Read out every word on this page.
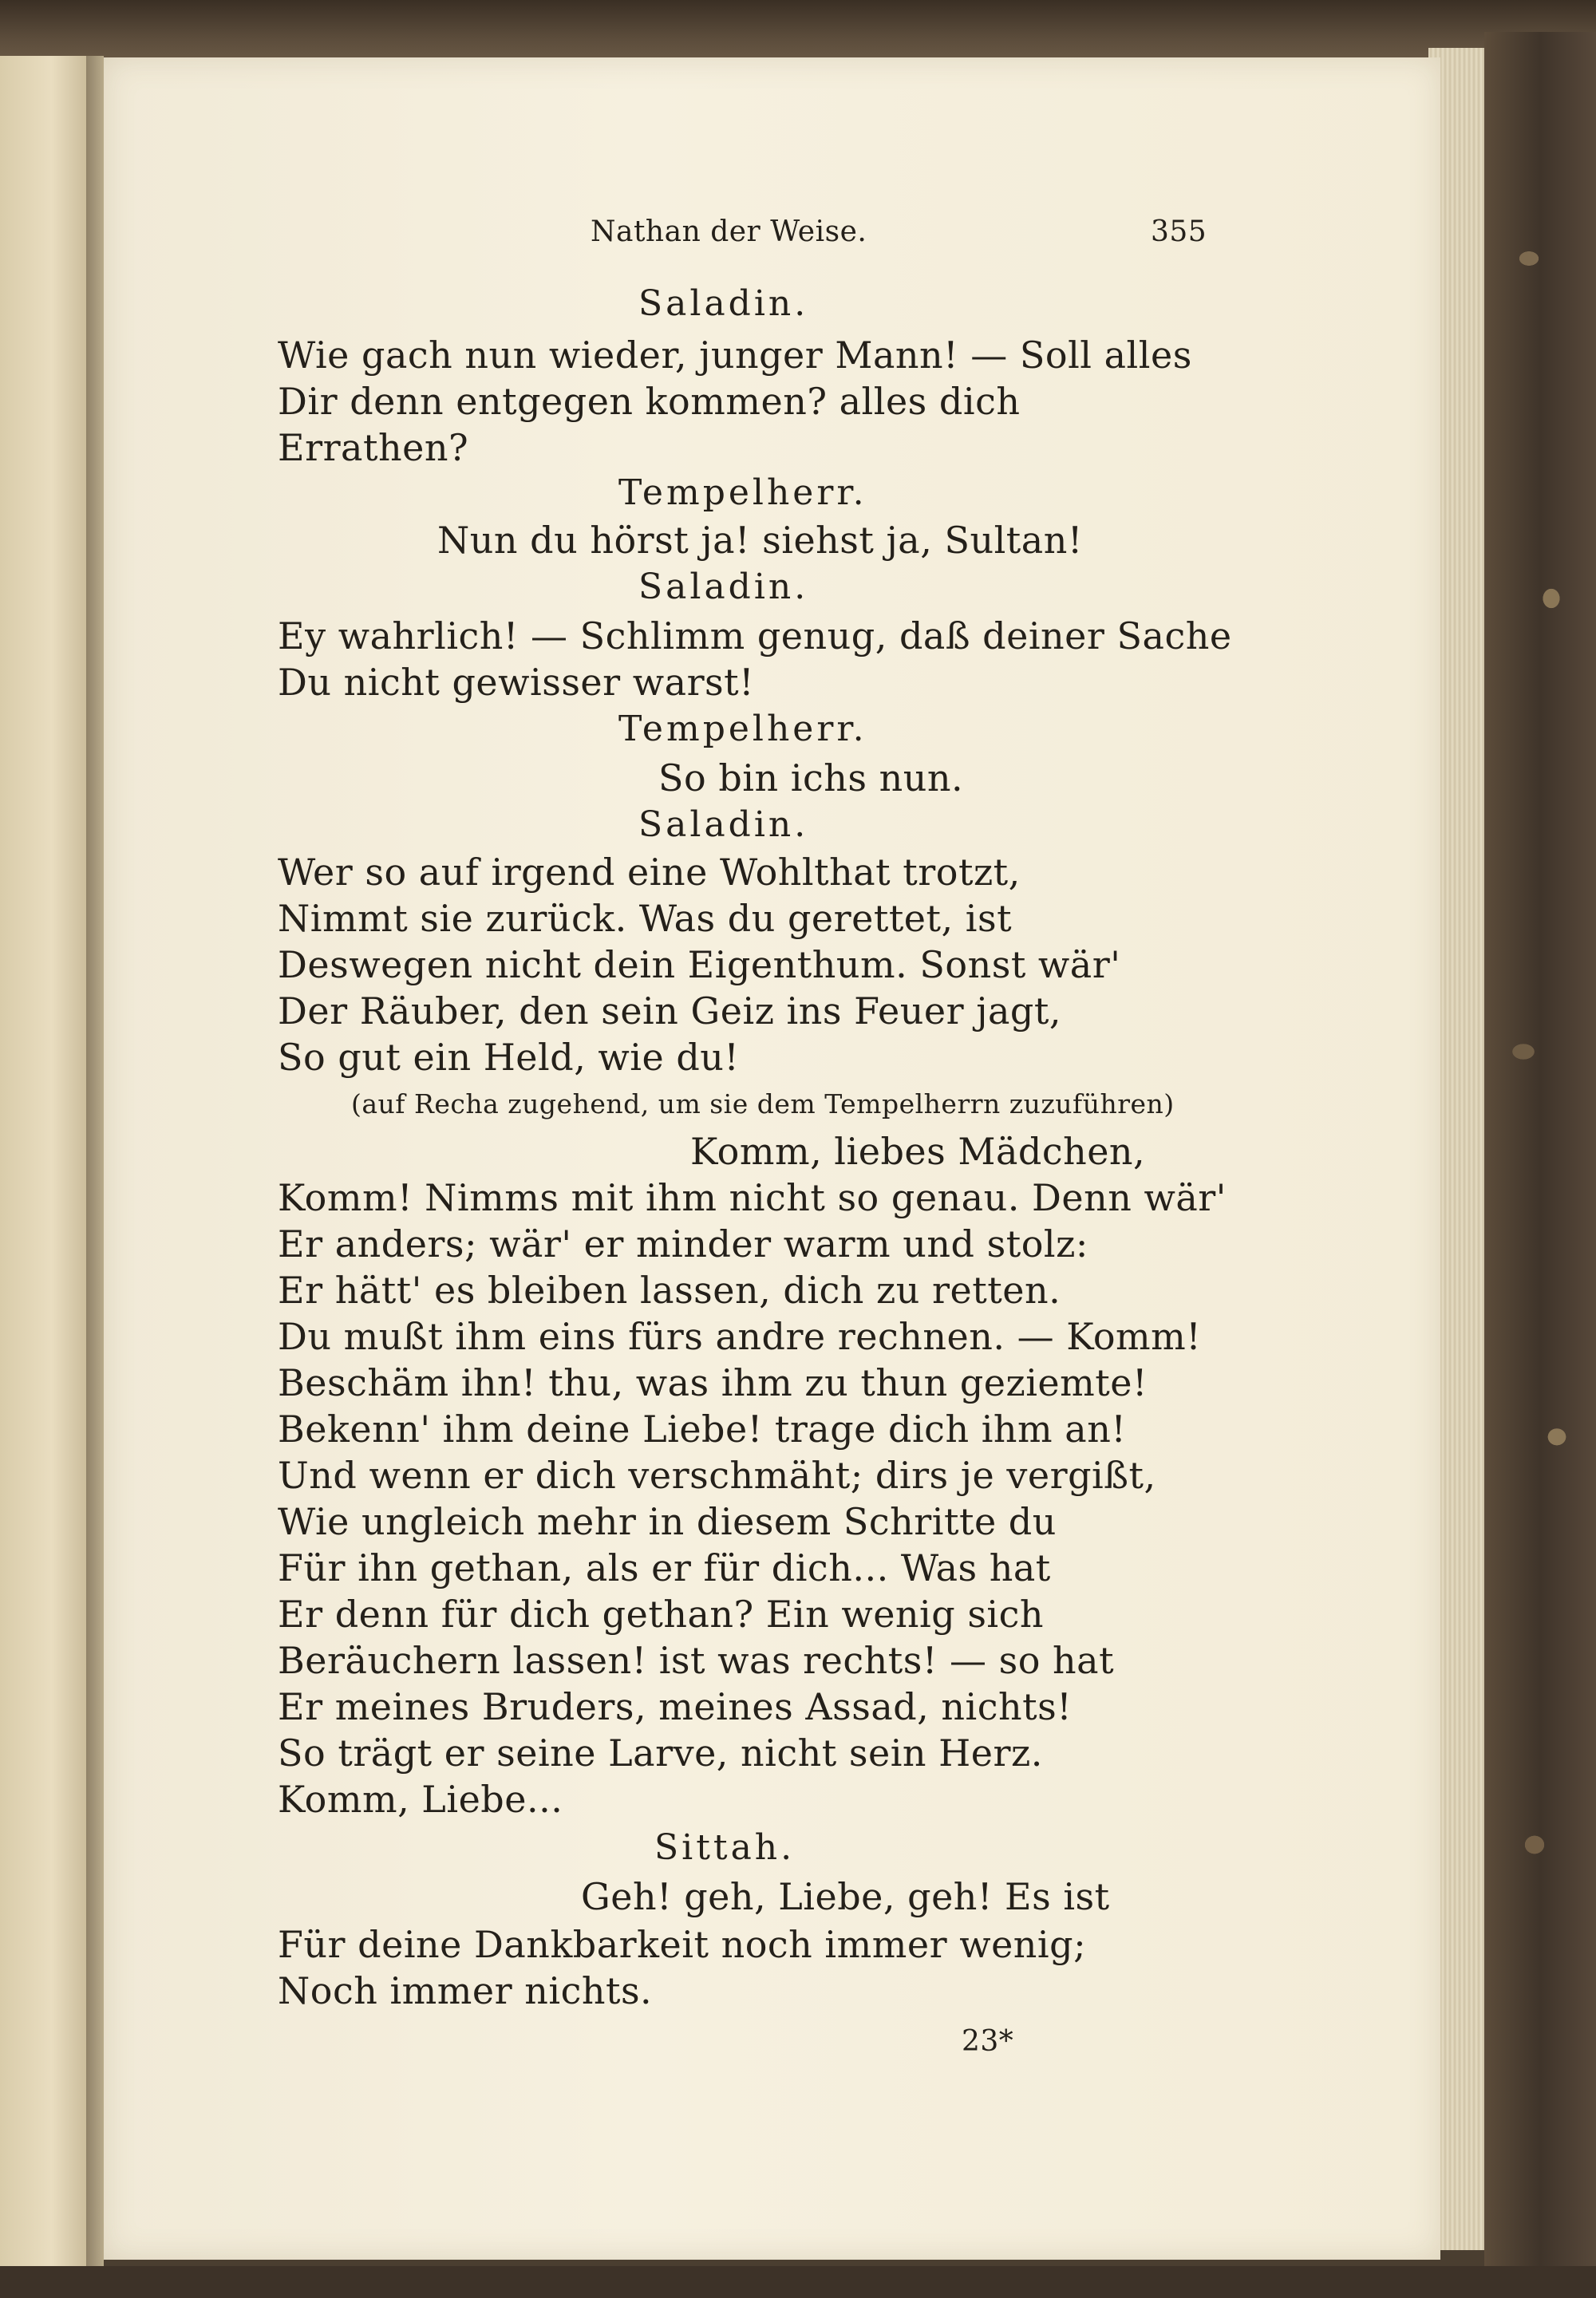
Nathan der Weise.	355
Saladin.
Wie gach nun wieder, junger Mann! — Soll alles
Dir denn entgegen kommen? alles dich
Errathen?
Tempelherr.
Nun du hörst ja! siehst ja, Sultan!
Saladin.
Ey wahrlich! — Schlimm genug, daß deiner Sache
Du nicht gewisser warst!
Tempelherr.
So bin ichs nun.
Saladin.
Wer so auf irgend eine Wohlthat trotzt,
Nimmt sie zurück. Was du gerettet, ist
Deswegen nicht dein Eigenthum. Sonst wär'
Der Räuber, den sein Geiz ins Feuer jagt,
So gut ein Held, wie du!
(auf Recha zugehend, um sie dem Tempelherrn zuzuführen)
Komm, liebes Mädchen,
Komm! Nimms mit ihm nicht so genau. Denn wär'
Er anders; wär' er minder warm und stolz:
Er hätt' es bleiben lassen, dich zu retten.
Du mußt ihm eins fürs andre rechnen. — Komm!
Beschäm ihn! thu, was ihm zu thun geziemte!
Bekenn' ihm deine Liebe! trage dich ihm an!
Und wenn er dich verschmäht; dirs je vergißt,
Wie ungleich mehr in diesem Schritte du
Für ihn gethan, als er für dich... Was hat
Er denn für dich gethan? Ein wenig sich
Beräuchern lassen! ist was rechts! — so hat
Er meines Bruders, meines Assad, nichts!
So trägt er seine Larve, nicht sein Herz.
Komm, Liebe...
Sittah.
Geh! geh, Liebe, geh! Es ist
Für deine Dankbarkeit noch immer wenig;
Noch immer nichts.
23*
